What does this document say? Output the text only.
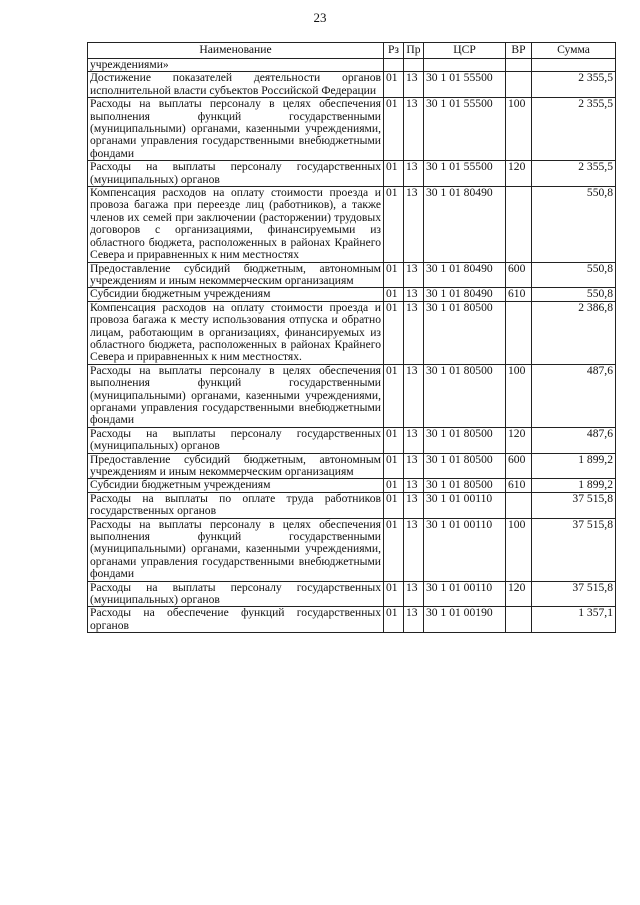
23
Наименование	Рз	Пр	ЦСР	ВР	Сумма
учреждениями»					
Достижение показателей деятельности органов исполнительной власти субъектов Российской Федерации	01	13	30 1 01 55500		2 355,5
Расходы на выплаты персоналу в целях обеспечения выполнения функций государственными (муниципальными) органами, казенными учреждениями, органами управления государственными внебюджетными фондами	01	13	30 1 01 55500	100	2 355,5
Расходы на выплаты персоналу государственных (муниципальных) органов	01	13	30 1 01 55500	120	2 355,5
Компенсация расходов на оплату стоимости проезда и провоза багажа при переезде лиц (работников), а также членов их семей при заключении (расторжении) трудовых договоров с организациями, финансируемыми из областного бюджета, расположенных в районах Крайнего Севера и приравненных к ним местностях	01	13	30 1 01 80490		550,8
Предоставление субсидий бюджетным, автономным учреждениям и иным некоммерческим организациям	01	13	30 1 01 80490	600	550,8
Субсидии бюджетным учреждениям	01	13	30 1 01 80490	610	550,8
Компенсация расходов на оплату стоимости проезда и провоза багажа к месту использования отпуска и обратно лицам, работающим в организациях, финансируемых из областного бюджета, расположенных в районах Крайнего Севера и приравненных к ним местностях.	01	13	30 1 01 80500		2 386,8
Расходы на выплаты персоналу в целях обеспечения выполнения функций государственными (муниципальными) органами, казенными учреждениями, органами управления государственными внебюджетными фондами	01	13	30 1 01 80500	100	487,6
Расходы на выплаты персоналу государственных (муниципальных) органов	01	13	30 1 01 80500	120	487,6
Предоставление субсидий бюджетным, автономным учреждениям и иным некоммерческим организациям	01	13	30 1 01 80500	600	1 899,2
Субсидии бюджетным учреждениям	01	13	30 1 01 80500	610	1 899,2
Расходы на выплаты по оплате труда работников государственных органов	01	13	30 1 01 00110		37 515,8
Расходы на выплаты персоналу в целях обеспечения выполнения функций государственными (муниципальными) органами, казенными учреждениями, органами управления государственными внебюджетными фондами	01	13	30 1 01 00110	100	37 515,8
Расходы на выплаты персоналу государственных (муниципальных) органов	01	13	30 1 01 00110	120	37 515,8
Расходы на обеспечение функций государственных органов	01	13	30 1 01 00190		1 357,1
